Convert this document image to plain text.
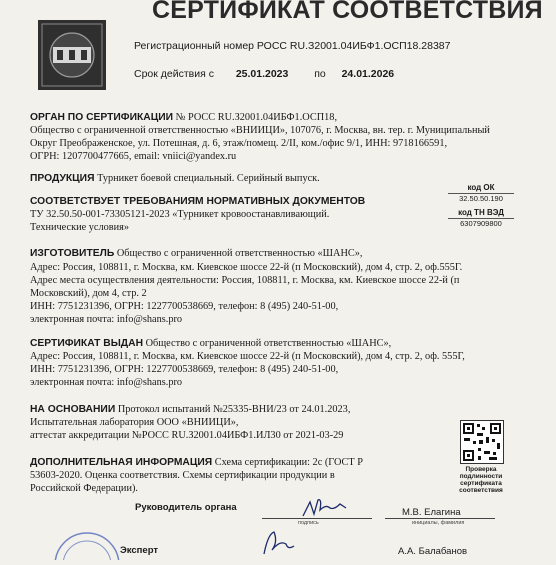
СЕРТИФИКАТ СООТВЕТСТВИЯ
Регистрационный номер РОСС RU.З2001.04ИБФ1.ОСП18.28387
Срок действия с 25.01.2023 по 24.01.2026
ОРГАН ПО СЕРТИФИКАЦИИ № РОСС RU.З2001.04ИБФ1.ОСП18,
Общество с ограниченной ответственностью «ВНИИЦИ», 107076, г. Москва, вн. тер. г. Муниципальный
Округ Преображенское, ул. Потешная, д. 6, этаж/помещ. 2/II, ком./офис 9/1, ИНН: 9718166591,
ОГРН: 1207700477665, email: vniici@yandex.ru
ПРОДУКЦИЯ Турникет боевой специальный. Серийный выпуск.
код ОК
32.50.50.190
код ТН ВЭД
6307909800
СООТВЕТСТВУЕТ ТРЕБОВАНИЯМ НОРМАТИВНЫХ ДОКУМЕНТОВ
ТУ 32.50.50-001-73305121-2023 «Турникет кровоостанавливающий.
Технические условия»
ИЗГОТОВИТЕЛЬ Общество с ограниченной ответственностью «ШАНС»,
Адрес: Россия, 108811, г. Москва, км. Киевское шоссе 22-й (п Московский), дом 4, стр. 2, оф.555Г.
Адрес места осуществления деятельности: Россия, 108811, г. Москва, км. Киевское шоссе 22-й (п
Московский), дом 4, стр. 2
ИНН: 7751231396, ОГРН: 1227700538669, телефон: 8 (495) 240-51-00,
электронная почта: info@shans.pro
СЕРТИФИКАТ ВЫДАН Общество с ограниченной ответственностью «ШАНС»,
Адрес: Россия, 108811, г. Москва, км. Киевское шоссе 22-й (п Московский), дом 4, стр. 2, оф. 555Г,
ИНН: 7751231396, ОГРН: 1227700538669, телефон: 8 (495) 240-51-00,
электронная почта: info@shans.pro
НА ОСНОВАНИИ Протокол испытаний №25335-ВНИ/23 от 24.01.2023,
Испытательная лаборатория ООО «ВНИИЦИ»,
аттестат аккредитации №РОСС RU.З2001.04ИБФ1.ИЛ30 от 2021-03-29
ДОПОЛНИТЕЛЬНАЯ ИНФОРМАЦИЯ Схема сертификации: 2с (ГОСТ Р
53603-2020. Оценка соответствия. Схемы сертификации продукции в
Российской Федерации).
Проверка подлинности сертификата соответствия
Руководитель органа
подпись
М.В. Елагина
инициалы, фамилия
Эксперт	А.А. Балабанов
